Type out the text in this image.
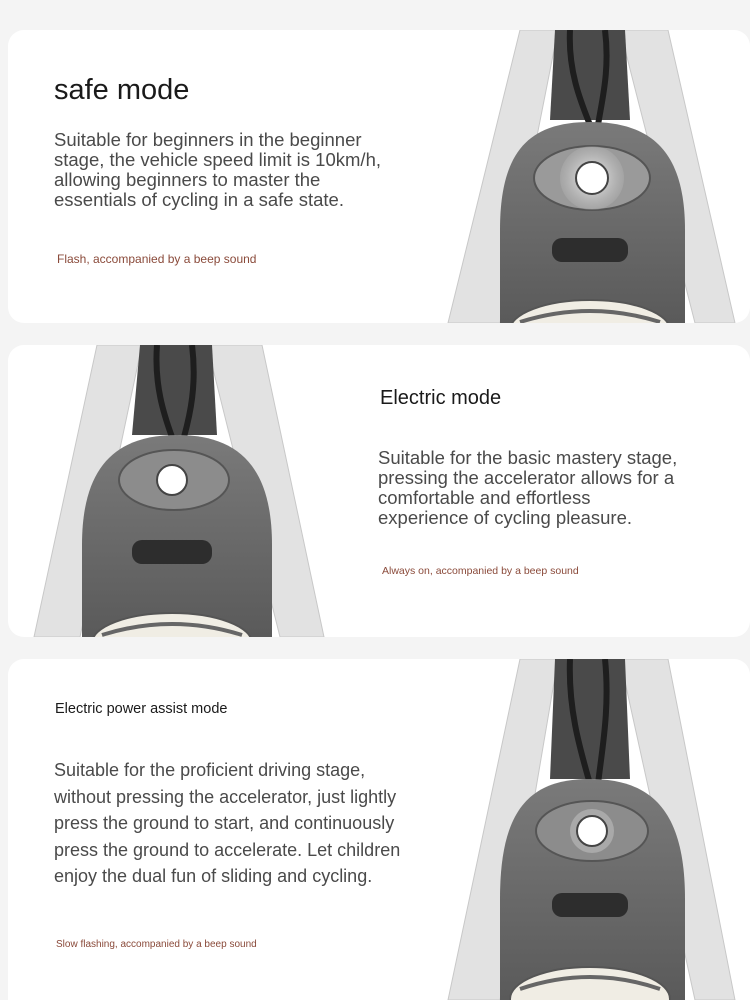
safe mode
Suitable for beginners in the beginner stage, the vehicle speed limit is 10km/h, allowing beginners to master the essentials of cycling in a safe state.
Flash, accompanied by a beep sound
Electric mode
Suitable for the basic mastery stage, pressing the accelerator allows for a comfortable and effortless experience of cycling pleasure.
Always on, accompanied by a beep sound
Electric power assist mode
Suitable for the proficient driving stage, without pressing the accelerator, just lightly press the ground to start, and continuously press the ground to accelerate. Let children enjoy the dual fun of sliding and cycling.
Slow flashing, accompanied by a beep sound
